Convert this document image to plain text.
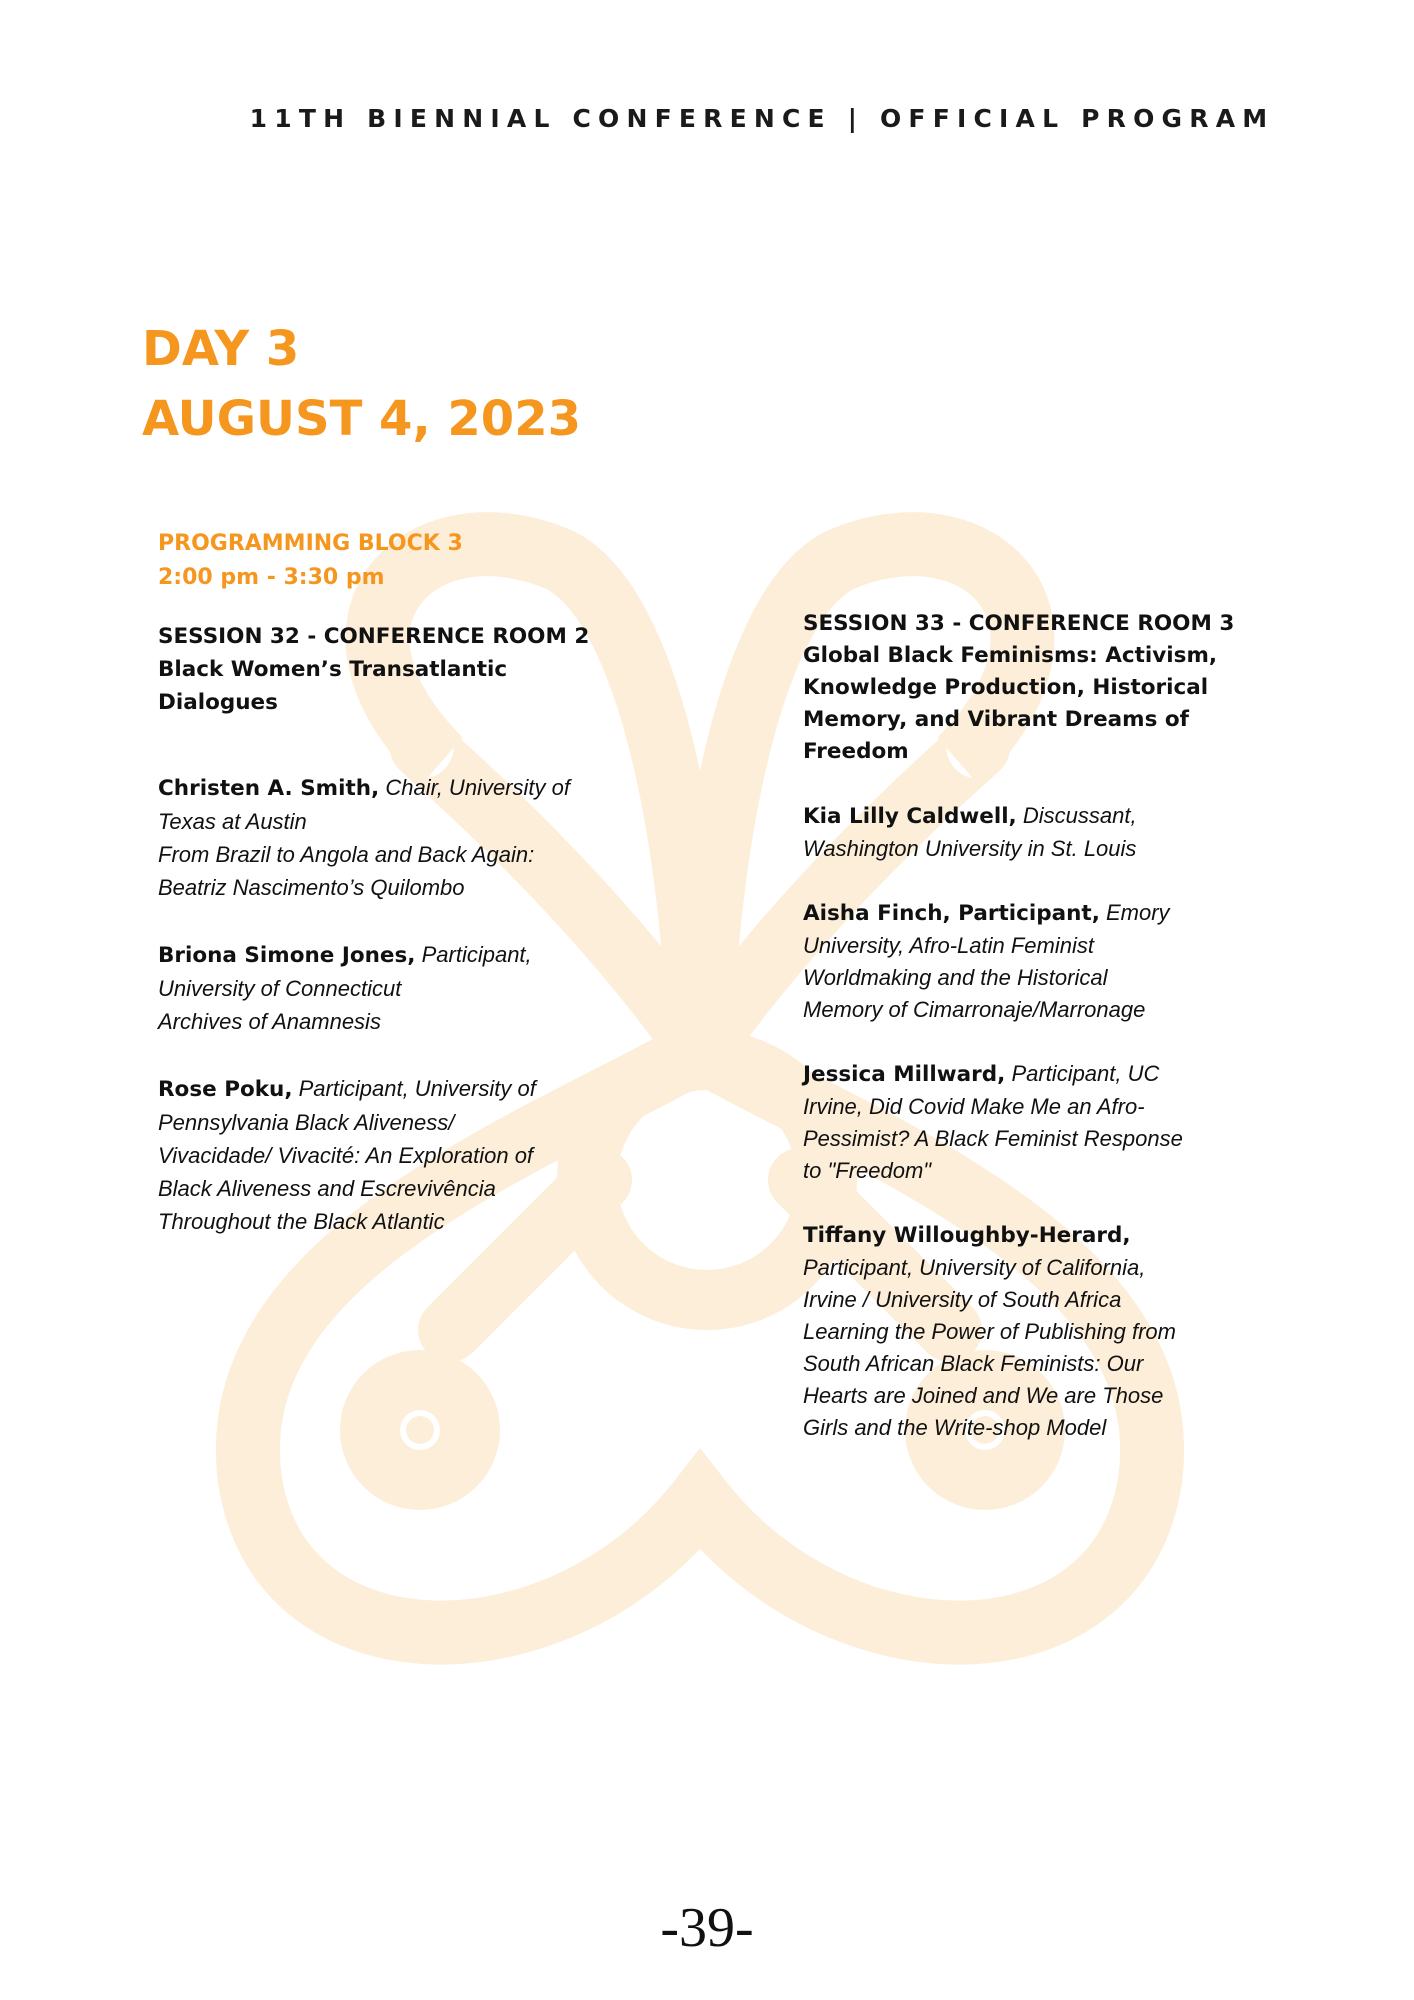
11TH BIENNIAL CONFERENCE | OFFICIAL PROGRAM
DAY 3
AUGUST 4, 2023
PROGRAMMING BLOCK 3
2:00 pm - 3:30 pm
SESSION 32 - CONFERENCE ROOM 2
Black Women’s Transatlantic
Dialogues
Christen A. Smith, Chair, University of
Texas at Austin
From Brazil to Angola and Back Again:
Beatriz Nascimento’s Quilombo
Briona Simone Jones, Participant,
University of Connecticut
Archives of Anamnesis
Rose Poku, Participant, University of
Pennsylvania Black Aliveness/
Vivacidade/ Vivacité: An Exploration of
Black Aliveness and Escrevivência
Throughout the Black Atlantic
SESSION 33 - CONFERENCE ROOM 3
Global Black Feminisms: Activism,
Knowledge Production, Historical
Memory, and Vibrant Dreams of
Freedom
Kia Lilly Caldwell, Discussant,
Washington University in St. Louis
Aisha Finch, Participant, Emory
University, Afro-Latin Feminist
Worldmaking and the Historical
Memory of Cimarronaje/Marronage
Jessica Millward, Participant, UC
Irvine, Did Covid Make Me an Afro-
Pessimist? A Black Feminist Response
to "Freedom"
Tiffany Willoughby-Herard,
Participant, University of California,
Irvine / University of South Africa
Learning the Power of Publishing from
South African Black Feminists: Our
Hearts are Joined and We are Those
Girls and the Write-shop Model
-39-
